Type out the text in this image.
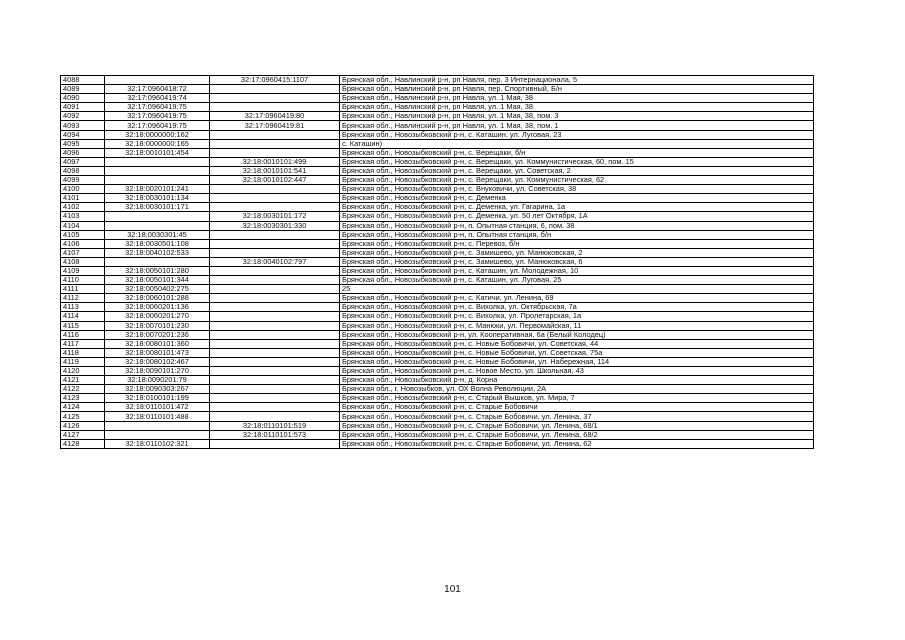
4088		32:17:0960415:1107	Брянская обл., Навлинский р-н, рп Навля, пер. 3 Интернационала, 5
4089	32:17:0960418:72		Брянская обл., Навлинский р-н, рп Навля, пер. Спортивный, Б/н
4090	32:17:0960419:74		Брянская обл., Навлинский р-н, рп Навля, ул. 1 Мая, 38
4091	32:17:0960419:75		Брянская обл., Навлинский р-н, рп Навля, ул. 1 Мая, 38
4092	32:17:0960419:75	32:17:0960419:80	Брянская обл., Навлинский р-н, рп Навля, ул. 1 Мая, 38, пом. 3
4093	32:17:0960419:75	32:17:0960419:81	Брянская обл., Навлинский р-н, рп Навля, ул. 1 Мая, 38, пом. 1
4094	32:18:0000000:162		Брянская обл., Новозыбковский р-н, с. Каташин, ул. Луговая, 23
4095	32:18:0000000:165		с. Каташин)
4096	32:18:0010101:454		Брянская обл., Новозыбковский р-н, с. Верещаки, б/н
4097		32:18:0010101:499	Брянская обл., Новозыбковский р-н, с. Верещаки, ул. Коммунистическая, 60, пом. 15
4098		32:18:0010101:541	Брянская обл., Новозыбковский р-н, с. Верещаки, ул. Советская, 2
4099		32:18:0010102:447	Брянская обл., Новозыбковский р-н, с. Верещаки, ул. Коммунистическая, 62
4100	32:18:0020101:241		Брянская обл., Новозыбковский р-н, с. Внуковичи, ул. Советская, 38
4101	32:18:0030101:134		Брянская обл., Новозыбковский р-н, с. Деменка
4102	32:18:0030101:171		Брянская обл., Новозыбковский р-н, с. Деменка, ул. Гагарина, 1а
4103		32:18:0030101:172	Брянская обл., Новозыбковский р-н, с. Деменка, ул. 50 лет Октября, 1А
4104		32:18:0030301:330	Брянская обл., Новозыбковский р-н, п. Опытная станция, 6, пом. 38
4105	32:18:0030301:45		Брянская обл., Новозыбковский р-н, п. Опытная станция, б/н
4106	32:18:0030501:108		Брянская обл., Новозыбковский р-н, с. Перевоз, б/н
4107	32:18:0040102:533		Брянская обл., Новозыбковский р-н, с. Замишево, ул. Манюковская, 2
4108		32:18:0040102:797	Брянская обл., Новозыбковский р-н, с. Замишево, ул. Манюковская, 6
4109	32:18:0050101:280		Брянская обл., Новозыбковский р-н, с. Каташин, ул. Молодежная, 10
4110	32:18:0050101:344		Брянская обл., Новозыбковский р-н, с. Каташин, ул. Луговая, 25
4111	32:18:0050402:275		25
4112	32:18:0060101:288		Брянская обл., Новозыбковский р-н, с. Катичи, ул. Ленина, 69
4113	32:18:0060201:136		Брянская обл., Новозыбковский р-н, с. Вихолка, ул. Октябрьская, 7а
4114	32:18:0060201:270		Брянская обл., Новозыбковский р-н, с. Вихолка, ул. Пролетарская, 1а
4115	32:18:0070101:230		Брянская обл., Новозыбковский р-н, с. Манюки, ул. Первомайская, 11
4116	32:18:0070201:236		Брянская обл., Новозыбковский р-н, ул. Кооперативная, 6а (Белый Колодец)
4117	32:18:0080101:360		Брянская обл., Новозыбковский р-н, с. Новые Бобовичи, ул. Советская, 44
4118	32:18:0080101:473		Брянская обл., Новозыбковский р-н, с. Новые Бобовичи, ул. Советская, 75а
4119	32:18:0080102:467		Брянская обл., Новозыбковский р-н, с. Новые Бобовичи, ул. Набережная, 114
4120	32:18:0090101:270		Брянская обл., Новозыбковский р-н, с. Новое Место, ул. Школьная, 43
4121	32:18:0090201:79		Брянская обл., Новозыбковский р-н, д. Корна
4122	32:18:0090303:267		Брянская обл., г. Новозыбков, ул. ОХ Волна Революции, 2А
4123	32:18:0100101:199		Брянская обл., Новозыбковский р-н, с. Старый Вышков, ул. Мира, 7
4124	32:18:0110101:472		Брянская обл., Новозыбковский р-н, с. Старые Бобовичи
4125	32:18:0110101:488		Брянская обл., Новозыбковский р-н, с. Старые Бобовичи, ул. Ленина, 37
4126		32:18:0110101:519	Брянская обл., Новозыбковский р-н, с. Старые Бобовичи, ул. Ленина, 68/1
4127		32:18:0110101:573	Брянская обл., Новозыбковский р-н, с. Старые Бобовичи, ул. Ленина, 68/2
4128	32:18:0110102:321		Брянская обл., Новозыбковский р-н, с. Старые Бобовичи, ул. Ленина, 62
101
